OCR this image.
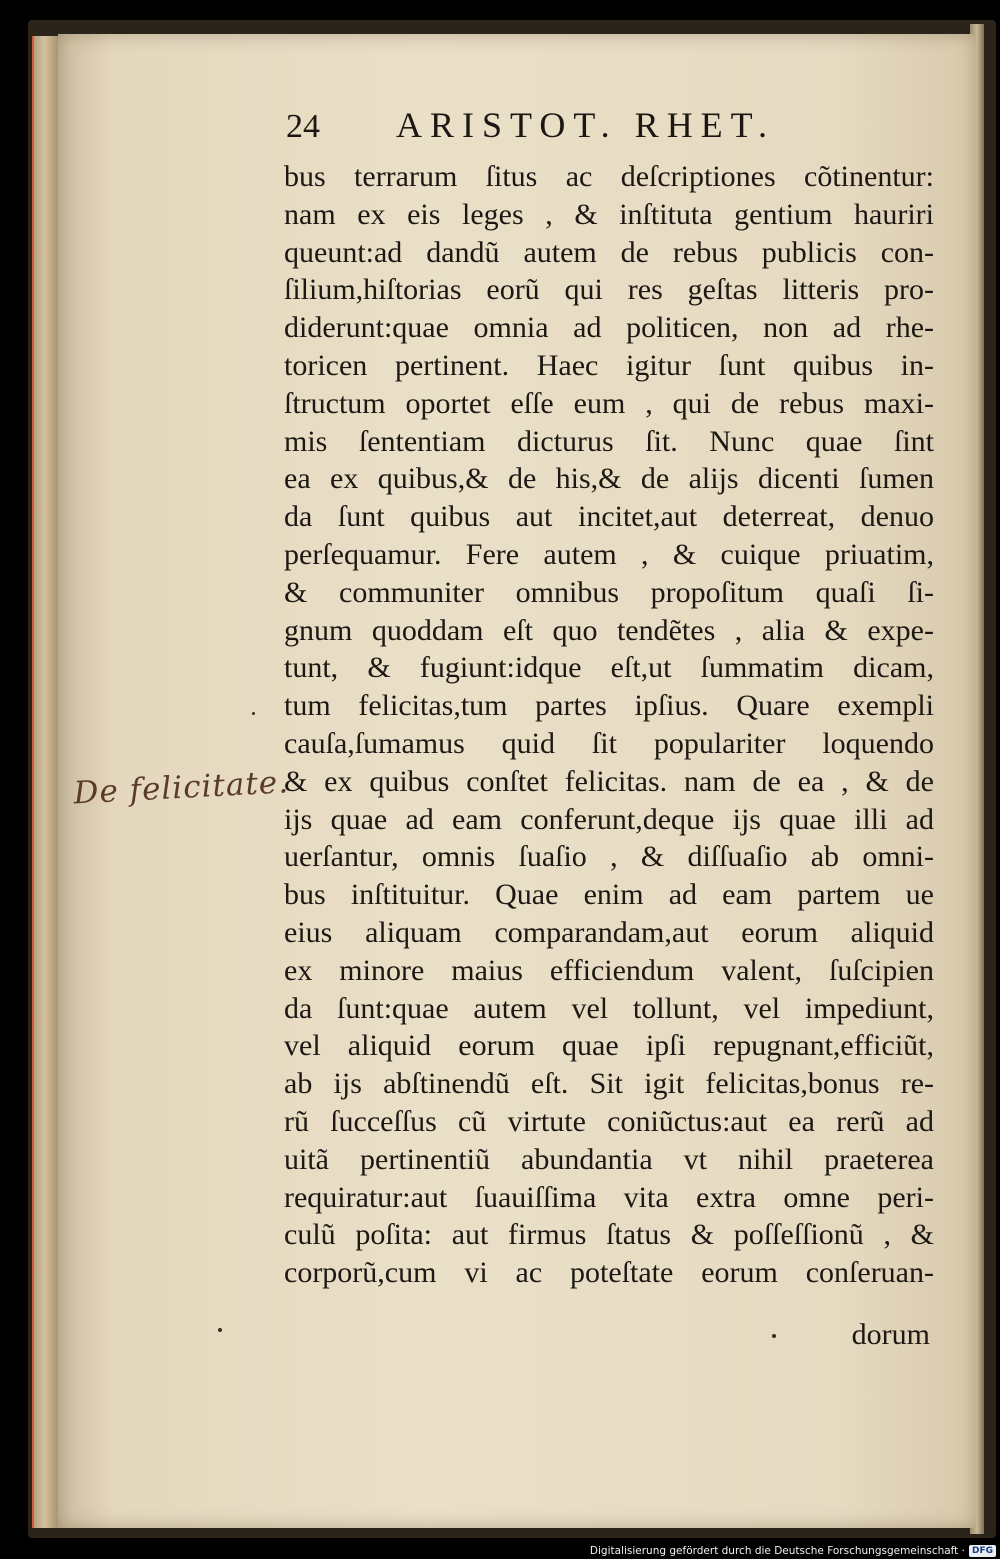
24 ARISTOT. RHET.
De felicitate.
bus terrarum ſitus ac deſcriptiones cõtinentur:
nam ex eis leges , & inſtituta gentium hauriri
queunt:ad dandũ autem de rebus publicis con-
ſilium,hiſtorias eorũ qui res geſtas litteris pro-
diderunt:quae omnia ad politicen, non ad rhe-
toricen pertinent. Haec igitur ſunt quibus in-
ſtructum oportet eſſe eum , qui de rebus maxi-
mis ſententiam dicturus ſit. Nunc quae ſint
ea ex quibus,& de his,& de alijs dicenti ſumen
da ſunt quibus aut incitet,aut deterreat, denuo
perſequamur. Fere autem , & cuique priuatim,
& communiter omnibus propoſitum quaſi ſi-
gnum quoddam eſt quo tendẽtes , alia & expe-
tunt, & fugiunt:idque eſt,ut ſummatim dicam,
tum felicitas,tum partes ipſius. Quare exempli
cauſa,ſumamus quid ſit populariter loquendo
& ex quibus conſtet felicitas. nam de ea , & de
ijs quae ad eam conferunt,deque ijs quae illi ad
uerſantur, omnis ſuaſio , & diſſuaſio ab omni-
bus inſtituitur. Quae enim ad eam partem ue
eius aliquam comparandam,aut eorum aliquid
ex minore maius efficiendum valent, ſuſcipien
da ſunt:quae autem vel tollunt, vel impediunt,
vel aliquid eorum quae ipſi repugnant,efficiũt,
ab ijs abſtinendũ eſt. Sit igit felicitas,bonus re-
rũ ſucceſſus cũ virtute coniũctus:aut ea rerũ ad
uitã pertinentiũ abundantia vt nihil praeterea
requiratur:aut ſuauiſſima vita extra omne peri-
culũ poſita: aut firmus ſtatus & poſſeſſionũ , &
corporũ,cum vi ac poteſtate eorum conſeruan-
dorum
Digitalisierung gefördert durch die Deutsche Forschungsgemeinschaft · DFG
